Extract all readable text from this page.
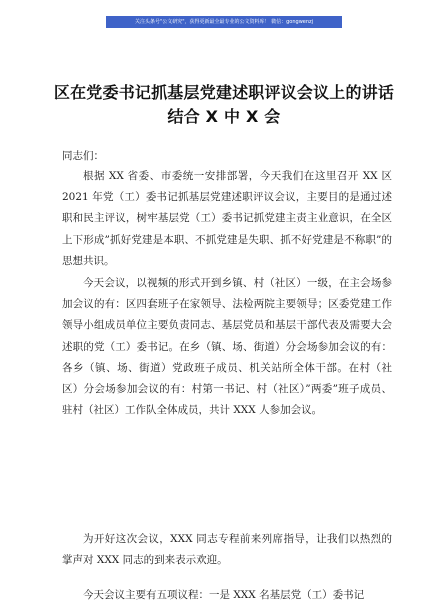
关注头条号"公文研究"，获得更新最全最专业的公文资料库！ 微信：gongwenzj
区在党委书记抓基层党建述职评议会议上的讲话
结合 X 中 X 会
同志们：

根据 XX 省委、市委统一安排部署，今天我们在这里召开 XX 区 2021 年党（工）委书记抓基层党建述职评议会议，主要目的是通过述职和民主评议，树牢基层党（工）委书记抓党建主责主业意识，在全区上下形成”抓好党建是本职、不抓党建是失职、抓不好党建是不称职”的思想共识。

今天会议，以视频的形式开到乡镇、村（社区）一级，在主会场参加会议的有：区四套班子在家领导、法检两院主要领导；区委党建工作领导小组成员单位主要负责同志、基层党员和基层干部代表及需要大会述职的党（工）委书记。在乡（镇、场、街道）分会场参加会议的有：各乡（镇、场、街道）党政班子成员、机关站所全体干部。在村（社区）分会场参加会议的有：村第一书记、村（社区）”两委”班子成员、驻村（社区）工作队全体成员，共计 XXX 人参加会议。

为开好这次会议，XXX 同志专程前来列席指导，让我们以热烈的掌声对 XXX 同志的到来表示欢迎。

今天会议主要有五项议程：一是 XXX 名基层党（工）委书记
